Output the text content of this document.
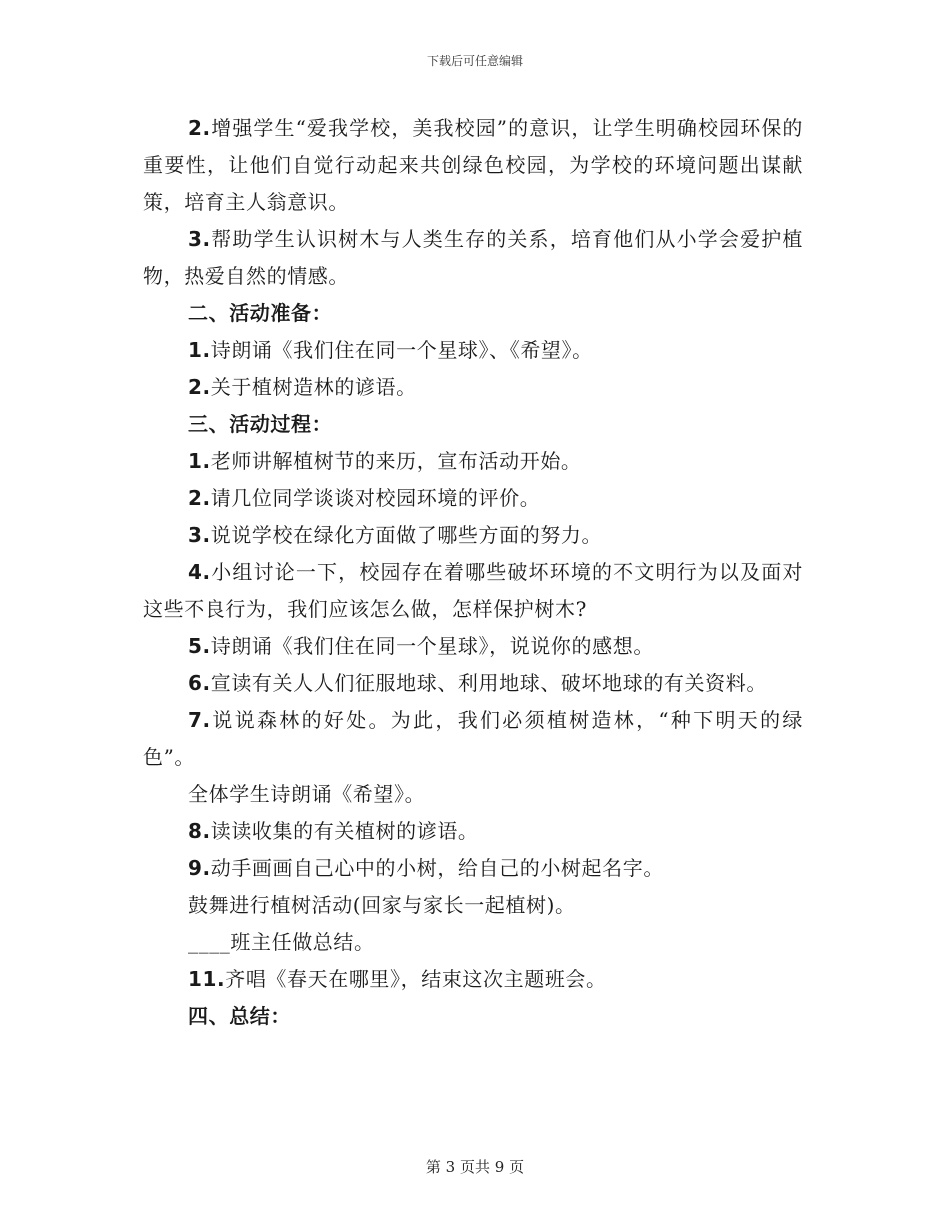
下载后可任意编辑

2.增强学生“爱我学校，美我校园”的意识，让学生明确校园环保的重要性，让他们自觉行动起来共创绿色校园，为学校的环境问题出谋献策，培育主人翁意识。

3.帮助学生认识树木与人类生存的关系，培育他们从小学会爱护植物，热爱自然的情感。

二、活动准备：

1.诗朗诵《我们住在同一个星球》、《希望》。

2.关于植树造林的谚语。

三、活动过程：

1.老师讲解植树节的来历，宣布活动开始。

2.请几位同学谈谈对校园环境的评价。

3.说说学校在绿化方面做了哪些方面的努力。

4.小组讨论一下，校园存在着哪些破坏环境的不文明行为以及面对这些不良行为，我们应该怎么做，怎样保护树木?

5.诗朗诵《我们住在同一个星球》，说说你的感想。

6.宣读有关人人们征服地球、利用地球、破坏地球的有关资料。

7.说说森林的好处。为此，我们必须植树造林，“种下明天的绿色”。

全体学生诗朗诵《希望》。

8.读读收集的有关植树的谚语。

9.动手画画自己心中的小树，给自己的小树起名字。

鼓舞进行植树活动(回家与家长一起植树)。

____班主任做总结。

11.齐唱《春天在哪里》，结束这次主题班会。

四、总结：

第 3 页共 9 页
